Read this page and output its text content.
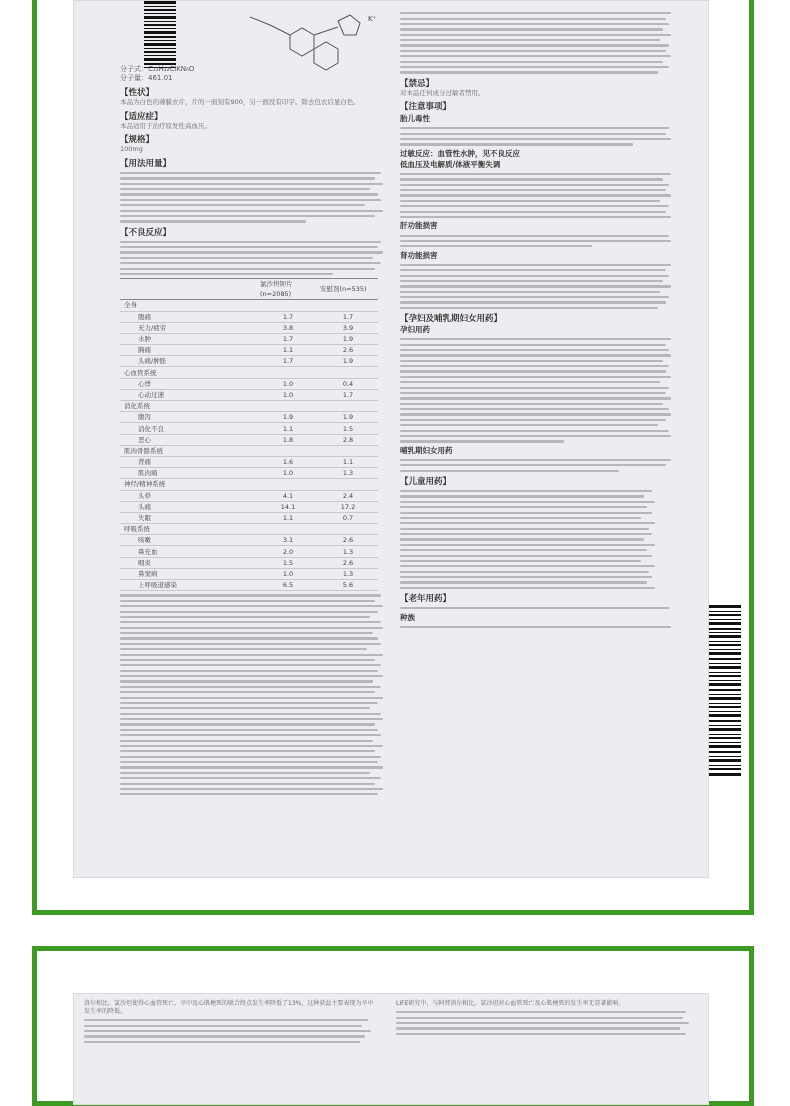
K⁺
分子式：C₂₂H₂₂ClKN₆O
分子量：461.01
【性状】
本品为白色的薄膜衣片，片的一面刻有900，另一面没有印字。除去包衣后显白色。
【适应症】
本品适用于治疗原发性高血压。
【规格】
100mg
【用法用量】
【不良反应】
	氯沙坦钾片(n=2085)	安慰剂(n=535)
全身		
腹痛	1.7	1.7
无力/疲劳	3.8	3.9
水肿	1.7	1.9
胸痛	1.1	2.6
头痛/肿胀	1.7	1.9
心血管系统		
心悸	1.0	0.4
心动过速	1.0	1.7
消化系统		
腹泻	1.9	1.9
消化不良	1.1	1.5
恶心	1.8	2.8
肌肉骨骼系统		
背痛	1.6	1.1
肌肉痛	1.0	1.3
神经/精神系统		
头晕	4.1	2.4
头痛	14.1	17.2
失眠	1.1	0.7
呼吸系统		
咳嗽	3.1	2.6
鼻充血	2.0	1.3
咽炎	1.5	2.6
鼻窦病	1.0	1.3
上呼吸道感染	6.5	5.6
【禁忌】
对本品任何成分过敏者禁用。
【注意事项】
胎儿毒性
过敏反应：血管性水肿，见不良反应
低血压及电解质/体液平衡失调
肝功能损害
肾功能损害
【孕妇及哺乳期妇女用药】
孕妇用药
哺乳期妇女用药
【儿童用药】
【老年用药】
种族
洛尔相比，氯沙坦使得心血管死亡、卒中及心肌梗死的联合终点发生率降低了13%，这种获益主要表现为卒中发生率的降低。
LIFE研究中，与阿替洛尔相比，氯沙坦对心血管死亡及心肌梗死的发生率无显著影响。
